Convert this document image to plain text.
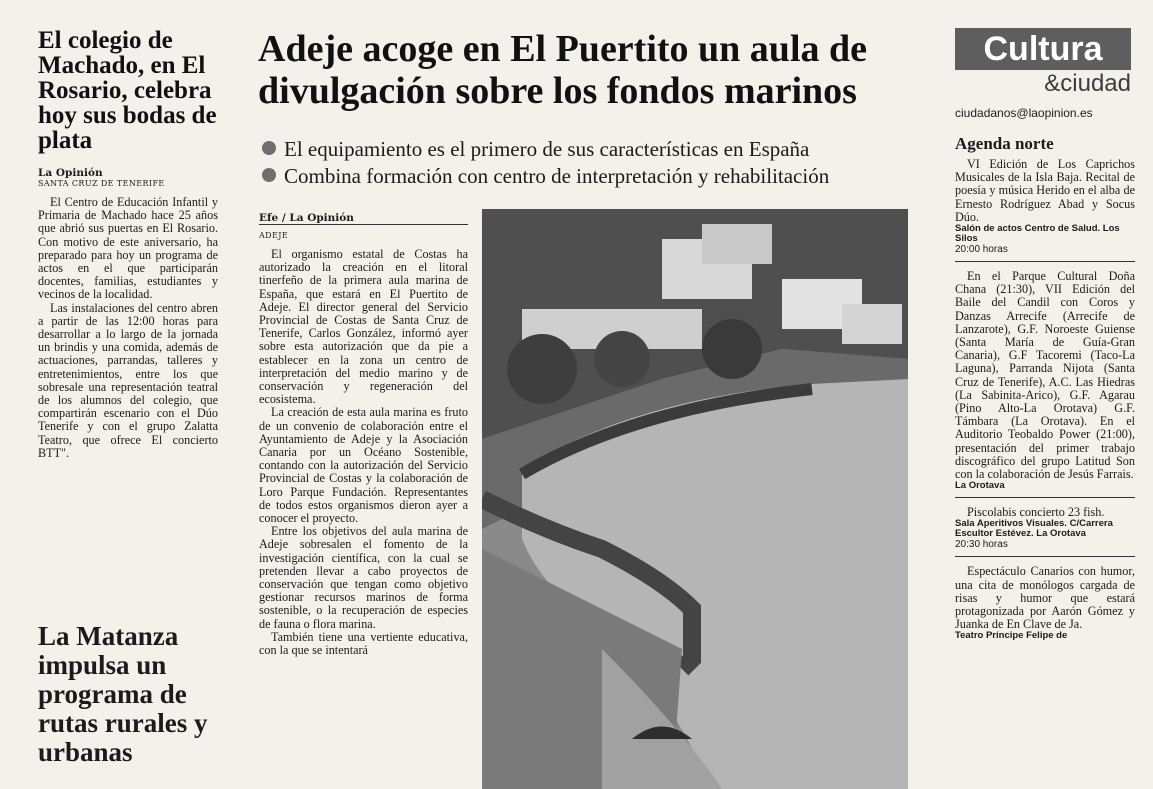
El colegio de Machado, en El Rosario, celebra hoy sus bodas de plata

La Opinión

SANTA CRUZ DE TENERIFE

El Centro de Educación Infantil y Primaria de Machado hace 25 años que abrió sus puertas en El Rosario. Con motivo de este aniversario, ha preparado para hoy un programa de actos en el que participarán docentes, familias, estudiantes y vecinos de la localidad.

Las instalaciones del centro abren a partir de las 12:00 horas para desarrollar a lo largo de la jornada un brindis y una comida, además de actuaciones, parrandas, talleres y entretenimientos, entre los que sobresale una representación teatral de los alumnos del colegio, que compartirán escenario con el Dúo Tenerife y con el grupo Zalatta Teatro, que ofrece El concierto BTT".

La Matanza impulsa un programa de rutas rurales y urbanas
Adeje acoge en El Puertito un aula de divulgación sobre los fondos marinos

El equipamiento es el primero de sus características en España

Combina formación con centro de interpretación y rehabilitación

Efe / La Opinión

ADEJE

El organismo estatal de Costas ha autorizado la creación en el litoral tinerfeño de la primera aula marina de España, que estará en El Puertito de Adeje. El director general del Servicio Provincial de Costas de Santa Cruz de Tenerife, Carlos González, informó ayer sobre esta autorización que da pie a establecer en la zona un centro de interpretación del medio marino y de conservación y regeneración del ecosistema.

La creación de esta aula marina es fruto de un convenio de colaboración entre el Ayuntamiento de Adeje y la Asociación Canaria por un Océano Sostenible, contando con la autorización del Servicio Provincial de Costas y la colaboración de Loro Parque Fundación. Representantes de todos estos organismos dieron ayer a conocer el proyecto.

Entre los objetivos del aula marina de Adeje sobresalen el fomento de la investigación científica, con la cual se pretenden llevar a cabo proyectos de conservación que tengan como objetivo gestionar recursos marinos de forma sostenible, o la recuperación de especies de fauna o flora marina.

También tiene una vertiente educativa, con la que se intentará

Cultura
&ciudad

ciudadanos@laopinion.es

Agenda norte

VI Edición de Los Caprichos Musicales de la Isla Baja. Recital de poesía y música Herido en el alba de Ernesto Rodríguez Abad y Socus Dúo.

Salón de actos Centro de Salud. Los Silos

20:00 horas

En el Parque Cultural Doña Chana (21:30), VII Edición del Baile del Candil con Coros y Danzas Arrecife (Arrecife de Lanzarote), G.F. Noroeste Guiense (Santa María de Guía-Gran Canaria), G.F Tacoremi (Taco-La Laguna), Parranda Nijota (Santa Cruz de Tenerife), A.C. Las Hiedras (La Sabinita-Arico), G.F. Agarau (Pino Alto-La Orotava) G.F. Támbara (La Orotava). En el Auditorio Teobaldo Power (21:00), presentación del primer trabajo discográfico del grupo Latitud Son con la colaboración de Jesús Farrais.

La Orotava

Piscolabis concierto 23 fish.

Sala Aperitivos Visuales. C/Carrera Escultor Estévez. La Orotava

20:30 horas

Espectáculo Canarios con humor, una cita de monólogos cargada de risas y humor que estará protagonizada por Aarón Gómez y Juanka de En Clave de Ja.

Teatro Príncipe Felipe de
